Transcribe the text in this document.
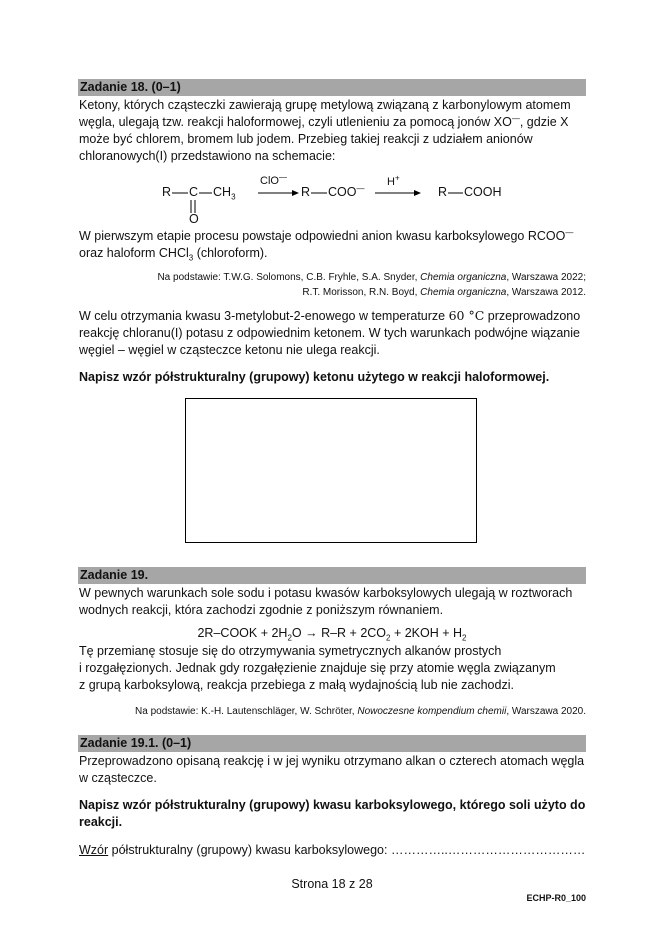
Zadanie 18. (0–1)
Ketony, których cząsteczki zawierają grupę metylową związaną z karbonylowym atomem
węgla, ulegają tzw. reakcji haloformowej, czyli utlenieniu za pomocą jonów XO—, gdzie X
może być chlorem, bromem lub jodem. Przebieg takiej reakcji z udziałem anionów
chloranowych(I) przedstawiono na schemacie:
R C $CH_3$
O
ClO—
R COO—
H+
R COOH
W pierwszym etapie procesu powstaje odpowiedni anion kwasu karboksylowego RCOO—
oraz haloform CHCl$_3$ (chloroform).
Na podstawie: T.W.G. Solomons, C.B. Fryhle, S.A. Snyder, Chemia organiczna, Warszawa 2022;
R.T. Morisson, R.N. Boyd, Chemia organiczna, Warszawa 2012.
W celu otrzymania kwasu 3-metylobut-2-enowego w temperaturze 60 °C przeprowadzono
reakcję chloranu(I) potasu z odpowiednim ketonem. W tych warunkach podwójne wiązanie
węgiel – węgiel w cząsteczce ketonu nie ulega reakcji.
Napisz wzór półstrukturalny (grupowy) ketonu użytego w reakcji haloformowej.
Zadanie 19.
W pewnych warunkach sole sodu i potasu kwasów karboksylowych ulegają w roztworach
wodnych reakcji, która zachodzi zgodnie z poniższym równaniem.
2R–COOK + $2H_2O \to R-R + 2CO_2 + 2KOH + H_2$
Tę przemianę stosuje się do otrzymywania symetrycznych alkanów prostych
i rozgałęzionych. Jednak gdy rozgałęzienie znajduje się przy atomie węgla związanym
z grupą karboksylową, reakcja przebiega z małą wydajnością lub nie zachodzi.
Na podstawie: K.-H. Lautenschläger, W. Schröter, Nowoczesne kompendium chemii, Warszawa 2020.
Zadanie 19.1. (0–1)
Przeprowadzono opisaną reakcję i w jej wyniku otrzymano alkan o czterech atomach węgla
w cząsteczce.
Napisz wzór półstrukturalny (grupowy) kwasu karboksylowego, którego soli użyto do
reakcji.
Wzór półstrukturalny (grupowy) kwasu karboksylowego: …………..……………………………
Strona 18 z 28
ECHP-R0_100
